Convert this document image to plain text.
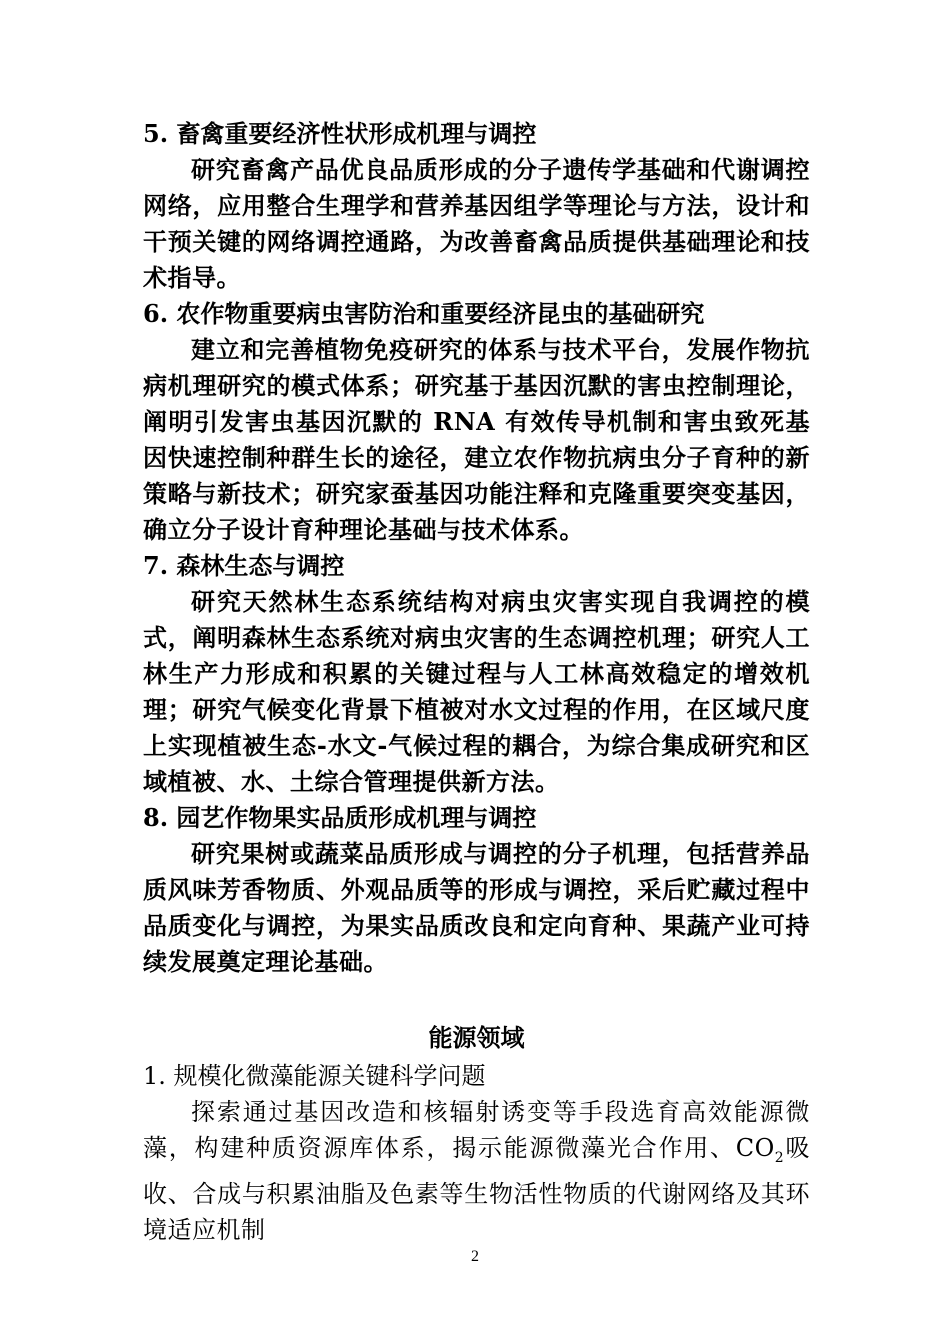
5. 畜禽重要经济性状形成机理与调控

研究畜禽产品优良品质形成的分子遗传学基础和代谢调控网络，应用整合生理学和营养基因组学等理论与方法，设计和干预关键的网络调控通路，为改善畜禽品质提供基础理论和技术指导。

6. 农作物重要病虫害防治和重要经济昆虫的基础研究

建立和完善植物免疫研究的体系与技术平台，发展作物抗病机理研究的模式体系；研究基于基因沉默的害虫控制理论，阐明引发害虫基因沉默的 RNA 有效传导机制和害虫致死基因快速控制种群生长的途径，建立农作物抗病虫分子育种的新策略与新技术；研究家蚕基因功能注释和克隆重要突变基因，确立分子设计育种理论基础与技术体系。

7. 森林生态与调控

研究天然林生态系统结构对病虫灾害实现自我调控的模式，阐明森林生态系统对病虫灾害的生态调控机理；研究人工林生产力形成和积累的关键过程与人工林高效稳定的增效机理；研究气候变化背景下植被对水文过程的作用，在区域尺度上实现植被生态-水文-气候过程的耦合，为综合集成研究和区域植被、水、土综合管理提供新方法。

8. 园艺作物果实品质形成机理与调控

研究果树或蔬菜品质形成与调控的分子机理，包括营养品质风味芳香物质、外观品质等的形成与调控，采后贮藏过程中品质变化与调控，为果实品质改良和定向育种、果蔬产业可持续发展奠定理论基础。

能源领域

1. 规模化微藻能源关键科学问题

探索通过基因改造和核辐射诱变等手段选育高效能源微藻，构建种质资源库体系，揭示能源微藻光合作用、$CO_2$吸收、合成与积累油脂及色素等生物活性物质的代谢网络及其环境适应机制

2
